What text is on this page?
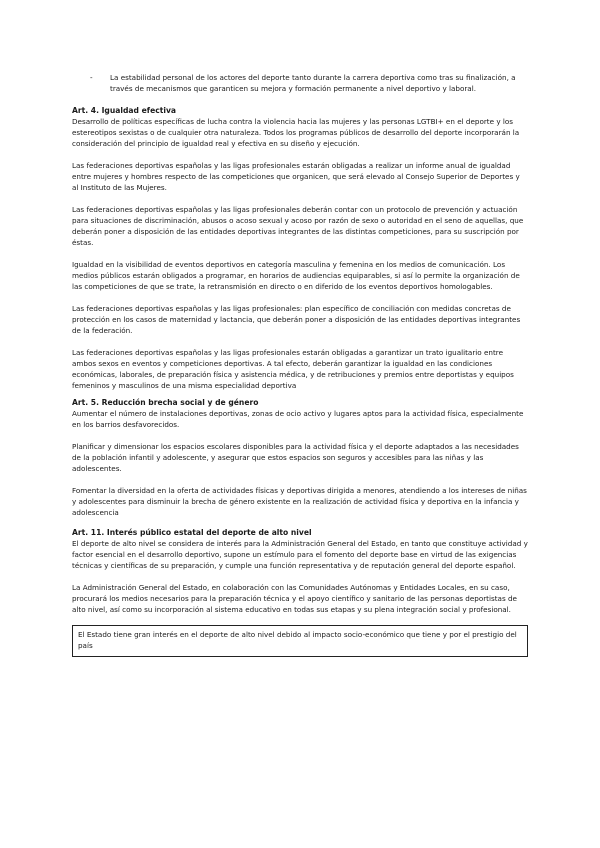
- La estabilidad personal de los actores del deporte tanto durante la carrera deportiva como tras su finalización, a través de mecanismos que garanticen su mejora y formación permanente a nivel deportivo y laboral.

Art. 4. Igualdad efectiva

Desarrollo de políticas específicas de lucha contra la violencia hacia las mujeres y las personas LGTBI+ en el deporte y los estereotipos sexistas o de cualquier otra naturaleza. Todos los programas públicos de desarrollo del deporte incorporarán la consideración del principio de igualdad real y efectiva en su diseño y ejecución.

Las federaciones deportivas españolas y las ligas profesionales estarán obligadas a realizar un informe anual de igualdad entre mujeres y hombres respecto de las competiciones que organicen, que será elevado al Consejo Superior de Deportes y al Instituto de las Mujeres.

Las federaciones deportivas españolas y las ligas profesionales deberán contar con un protocolo de prevención y actuación para situaciones de discriminación, abusos o acoso sexual y acoso por razón de sexo o autoridad en el seno de aquellas, que deberán poner a disposición de las entidades deportivas integrantes de las distintas competiciones, para su suscripción por éstas.

Igualdad en la visibilidad de eventos deportivos en categoría masculina y femenina en los medios de comunicación. Los medios públicos estarán obligados a programar, en horarios de audiencias equiparables, si así lo permite la organización de las competiciones de que se trate, la retransmisión en directo o en diferido de los eventos deportivos homologables.

Las federaciones deportivas españolas y las ligas profesionales: plan específico de conciliación con medidas concretas de protección en los casos de maternidad y lactancia, que deberán poner a disposición de las entidades deportivas integrantes de la federación.

Las federaciones deportivas españolas y las ligas profesionales estarán obligadas a garantizar un trato igualitario entre ambos sexos en eventos y competiciones deportivas. A tal efecto, deberán garantizar la igualdad en las condiciones económicas, laborales, de preparación física y asistencia médica, y de retribuciones y premios entre deportistas y equipos femeninos y masculinos de una misma especialidad deportiva

Art. 5. Reducción brecha social y de género

Aumentar el número de instalaciones deportivas, zonas de ocio activo y lugares aptos para la actividad física, especialmente en los barrios desfavorecidos.

Planificar y dimensionar los espacios escolares disponibles para la actividad física y el deporte adaptados a las necesidades de la población infantil y adolescente, y asegurar que estos espacios son seguros y accesibles para las niñas y las adolescentes.

Fomentar la diversidad en la oferta de actividades físicas y deportivas dirigida a menores, atendiendo a los intereses de niñas y adolescentes para disminuir la brecha de género existente en la realización de actividad física y deportiva en la infancia y adolescencia

Art. 11. Interés público estatal del deporte de alto nivel

El deporte de alto nivel se considera de interés para la Administración General del Estado, en tanto que constituye actividad y factor esencial en el desarrollo deportivo, supone un estímulo para el fomento del deporte base en virtud de las exigencias técnicas y científicas de su preparación, y cumple una función representativa y de reputación general del deporte español.

La Administración General del Estado, en colaboración con las Comunidades Autónomas y Entidades Locales, en su caso, procurará los medios necesarios para la preparación técnica y el apoyo científico y sanitario de las personas deportistas de alto nivel, así como su incorporación al sistema educativo en todas sus etapas y su plena integración social y profesional.

El Estado tiene gran interés en el deporte de alto nivel debido al impacto socio-económico que tiene y por el prestigio del país
